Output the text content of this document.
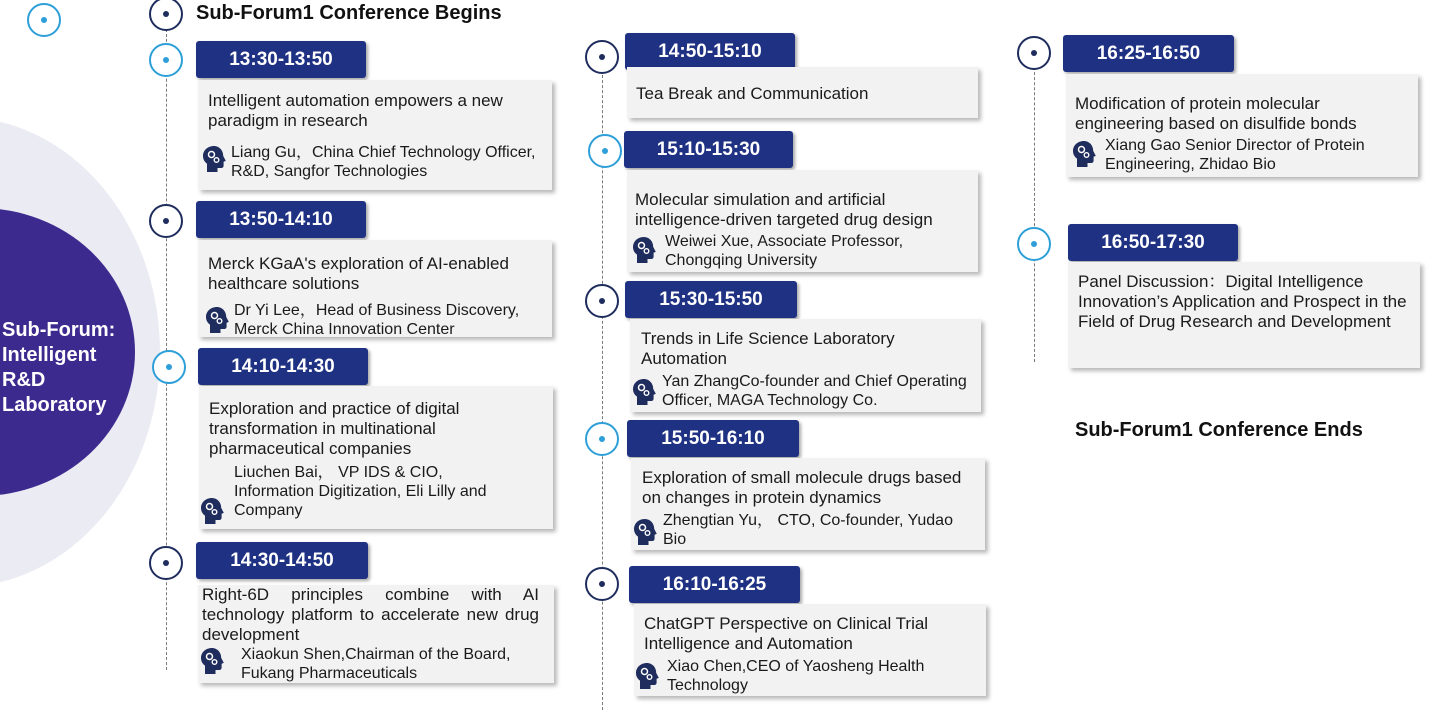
Sub-Forum: Intelligent R&D Laboratory
Sub-Forum1 Conference Begins
Sub-Forum1 Conference Ends
13:30-13:50
Intelligent automation empowers a new paradigm in research
Liang Gu，China Chief Technology Officer, R&D, Sangfor Technologies
13:50-14:10
Merck KGaA's exploration of AI-enabled healthcare solutions
Dr Yi Lee，Head of Business Discovery, Merck China Innovation Center
14:10-14:30
Exploration and practice of digital transformation in multinational pharmaceutical companies
Liuchen Bai， VP IDS & CIO, Information Digitization, Eli Lilly and Company
14:30-14:50
Right-6D principles combine with AI technology platform to accelerate new drug development
Xiaokun Shen,Chairman of the Board, Fukang Pharmaceuticals
14:50-15:10
Tea Break and Communication
15:10-15:30
Molecular simulation and artificial intelligence-driven targeted drug design
Weiwei Xue, Associate Professor, Chongqing University
15:30-15:50
Trends in Life Science Laboratory Automation
Yan ZhangCo-founder and Chief Operating Officer, MAGA Technology Co.
15:50-16:10
Exploration of small molecule drugs based on changes in protein dynamics
Zhengtian Yu， CTO, Co-founder, Yudao Bio
16:10-16:25
ChatGPT Perspective on Clinical Trial Intelligence and Automation
Xiao Chen,CEO of Yaosheng Health Technology
16:25-16:50
Modification of protein molecular engineering based on disulfide bonds
Xiang Gao Senior Director of Protein Engineering, Zhidao Bio
16:50-17:30
Panel Discussion：Digital Intelligence Innovation’s Application and Prospect in the Field of Drug Research and Development
